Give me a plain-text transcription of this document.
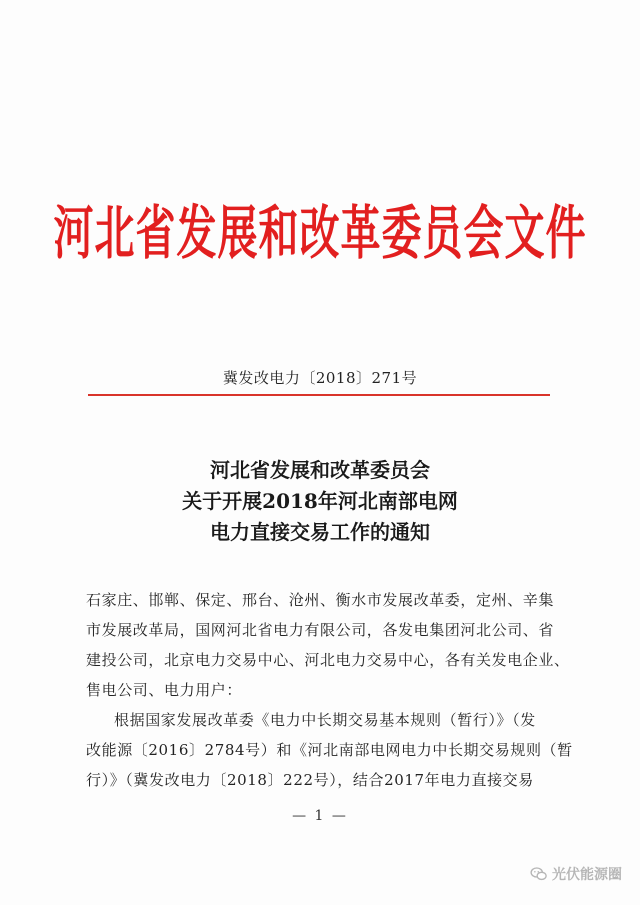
河北省发展和改革委员会文件
冀发改电力〔2018〕271号
河北省发展和改革委员会
关于开展2018年河北南部电网
电力直接交易工作的通知
石家庄、邯郸、保定、邢台、沧州、衡水市发展改革委，定州、辛集
市发展改革局，国网河北省电力有限公司，各发电集团河北公司、省
建投公司，北京电力交易中心、河北电力交易中心，各有关发电企业、
售电公司、电力用户：
根据国家发展改革委《电力中长期交易基本规则（暂行）》（发
改能源〔2016〕2784号）和《河北南部电网电力中长期交易规则（暂
行）》（冀发改电力〔2018〕222号），结合2017年电力直接交易
— 1 —
光伏能源圈
